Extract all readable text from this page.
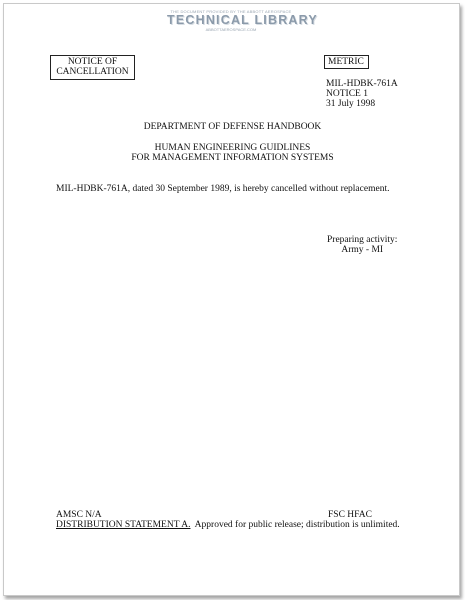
THE DOCUMENT PROVIDED BY THE ABBOTT AEROSPACE
TECHNICAL LIBRARY
ABBOTTAEROSPACE.COM
NOTICE OF
CANCELLATION
METRIC
MIL-HDBK-761A
NOTICE 1
31 July 1998
DEPARTMENT OF DEFENSE HANDBOOK
HUMAN ENGINEERING GUIDLINES
FOR MANAGEMENT INFORMATION SYSTEMS
MIL-HDBK-761A, dated 30 September 1989, is hereby cancelled without replacement.
Preparing activity:
Army - MI
AMSC N/A	FSC HFAC
DISTRIBUTION STATEMENT A.  Approved for public release; distribution is unlimited.
